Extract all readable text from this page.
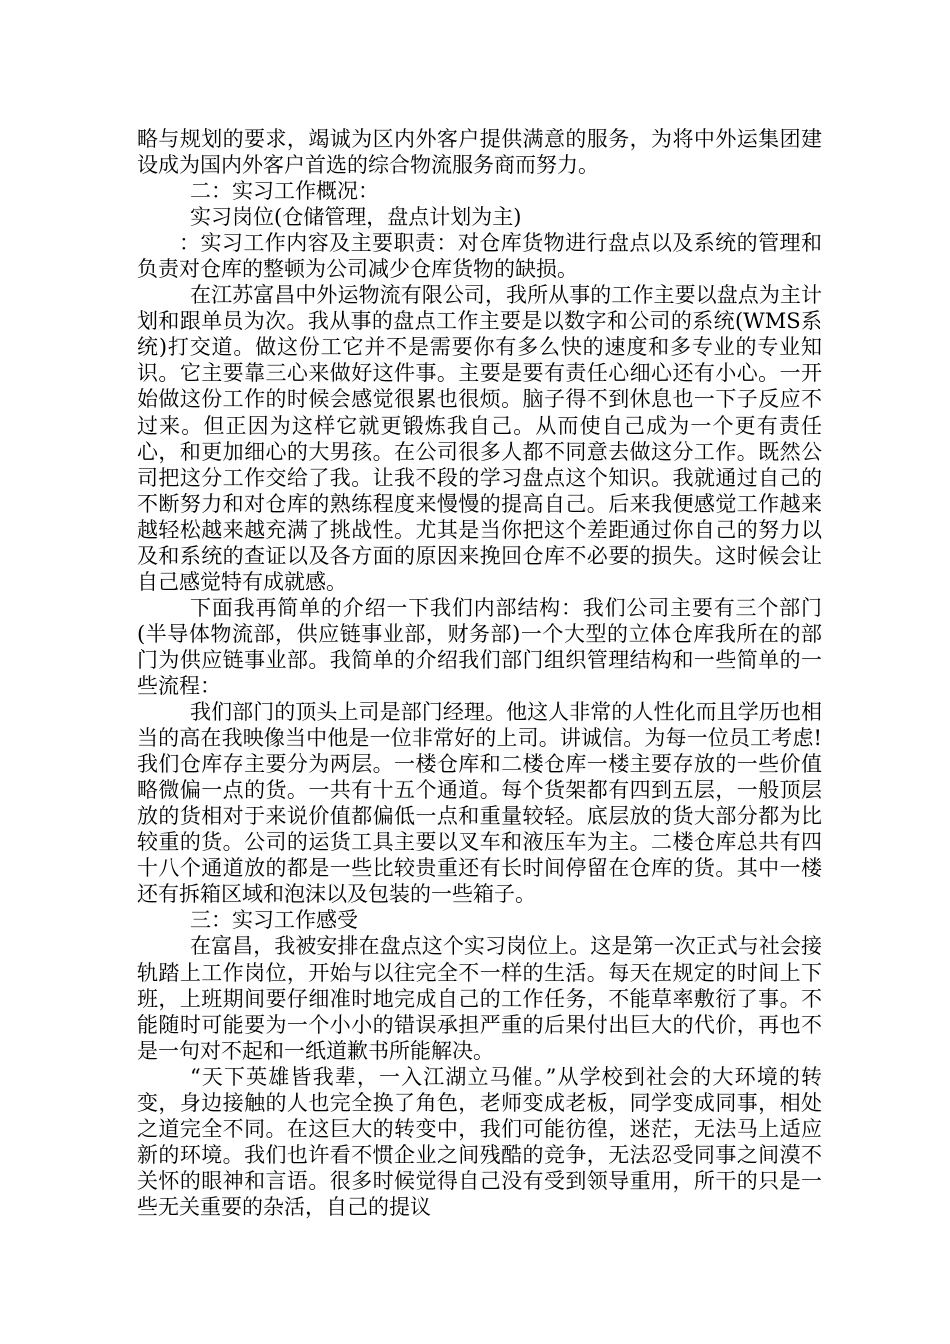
略与规划的要求，竭诚为区内外客户提供满意的服务，为将中外运集团建设成为国内外客户首选的综合物流服务商而努力。

二：实习工作概况：

实习岗位(仓储管理，盘点计划为主)

：实习工作内容及主要职责：对仓库货物进行盘点以及系统的管理和负责对仓库的整顿为公司减少仓库货物的缺损。

在江苏富昌中外运物流有限公司，我所从事的工作主要以盘点为主计划和跟单员为次。我从事的盘点工作主要是以数字和公司的系统(WMS系统)打交道。做这份工它并不是需要你有多么快的速度和多专业的专业知识。它主要靠三心来做好这件事。主要是要有责任心细心还有小心。一开始做这份工作的时候会感觉很累也很烦。脑子得不到休息也一下子反应不过来。但正因为这样它就更锻炼我自己。从而使自己成为一个更有责任心，和更加细心的大男孩。在公司很多人都不同意去做这分工作。既然公司把这分工作交给了我。让我不段的学习盘点这个知识。我就通过自己的不断努力和对仓库的熟练程度来慢慢的提高自己。后来我便感觉工作越来越轻松越来越充满了挑战性。尤其是当你把这个差距通过你自己的努力以及和系统的查证以及各方面的原因来挽回仓库不必要的损失。这时候会让自己感觉特有成就感。

下面我再简单的介绍一下我们内部结构：我们公司主要有三个部门(半导体物流部，供应链事业部，财务部)一个大型的立体仓库我所在的部门为供应链事业部。我简单的介绍我们部门组织管理结构和一些简单的一些流程：

我们部门的顶头上司是部门经理。他这人非常的人性化而且学历也相当的高在我映像当中他是一位非常好的上司。讲诚信。为每一位员工考虑!我们仓库存主要分为两层。一楼仓库和二楼仓库一楼主要存放的一些价值略微偏一点的货。一共有十五个通道。每个货架都有四到五层，一般顶层放的货相对于来说价值都偏低一点和重量较轻。底层放的货大部分都为比较重的货。公司的运货工具主要以叉车和液压车为主。二楼仓库总共有四十八个通道放的都是一些比较贵重还有长时间停留在仓库的货。其中一楼还有拆箱区域和泡沫以及包装的一些箱子。

三：实习工作感受

在富昌，我被安排在盘点这个实习岗位上。这是第一次正式与社会接轨踏上工作岗位，开始与以往完全不一样的生活。每天在规定的时间上下班，上班期间要仔细准时地完成自己的工作任务，不能草率敷衍了事。不能随时可能要为一个小小的错误承担严重的后果付出巨大的代价，再也不是一句对不起和一纸道歉书所能解决。

“天下英雄皆我辈，一入江湖立马催。”从学校到社会的大环境的转变，身边接触的人也完全换了角色，老师变成老板，同学变成同事，相处之道完全不同。在这巨大的转变中，我们可能彷徨，迷茫，无法马上适应新的环境。我们也许看不惯企业之间残酷的竞争，无法忍受同事之间漠不关怀的眼神和言语。很多时候觉得自己没有受到领导重用，所干的只是一些无关重要的杂活，自己的提议
